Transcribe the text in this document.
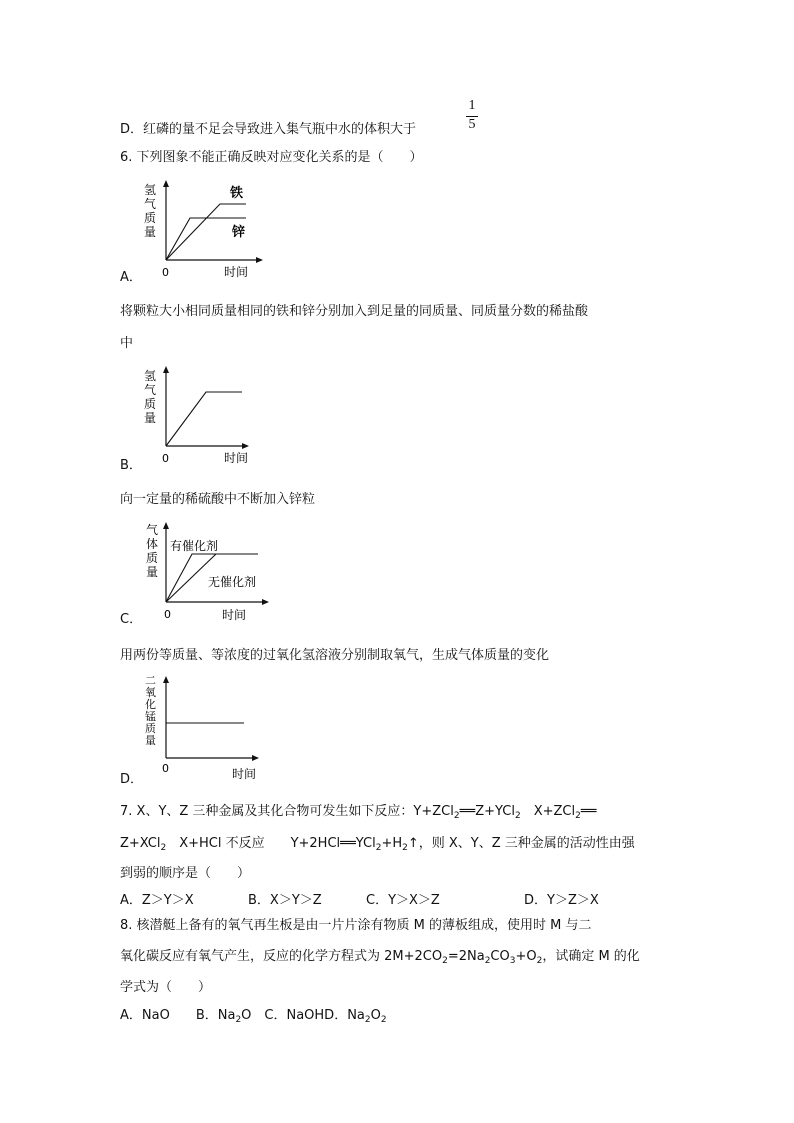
D．红磷的量不足会导致进入集气瓶中水的体积大于
1
5
6. 下列图象不能正确反映对应变化关系的是（　　）
氢
气
质
量
铁
锌
0	时间
A．
将颗粒大小相同质量相同的铁和锌分别加入到足量的同质量、同质量分数的稀盐酸
中
氢
气
质
量
0	时间
B．
向一定量的稀硫酸中不断加入锌粒
气
体
质
量
有催化剂
无催化剂
0	时间
C．
用两份等质量、等浓度的过氧化氢溶液分别制取氧气，生成气体质量的变化
二
氧
化
锰
质
量
0	时间
D．
7. X、Y、Z 三种金属及其化合物可发生如下反应：Y+ZCl$_2$══Z+YCl$_2$　X+ZCl$_2$══
Z+XCl$_2$　X+HCl 不反应　　$Y+2HCl══YCl_2+H_2↑$，则 X、Y、Z 三种金属的活动性由强
到弱的顺序是（　　）
A．Z＞Y＞X	B．X＞Y＞Z	C．Y＞X＞Z	D．Y＞Z＞X
8. 核潜艇上备有的氧气再生板是由一片片涂有物质 M 的薄板组成，使用时 M 与二
氧化碳反应有氧气产生，反应的化学方程式为 $2M+2CO_2=2Na_2CO_3+O_2$，试确定 M 的化
学式为（　　）
A．NaO　　B．$Na_2O$　C．NaOHD．$Na_2O_2$
